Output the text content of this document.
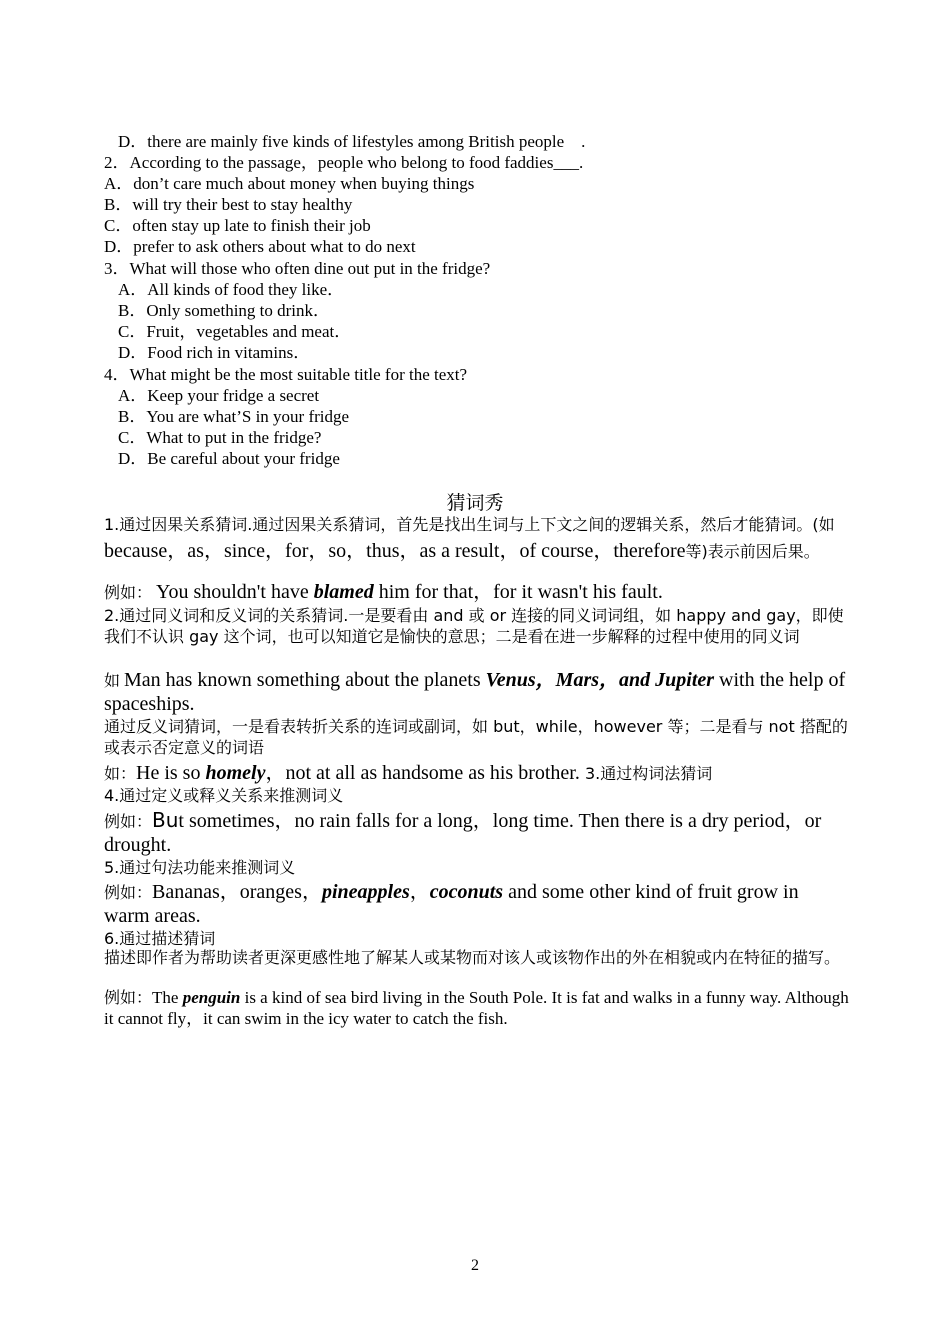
D．there are mainly five kinds of lifestyles among British people　.
2．According to the passage，people who belong to food faddies___.
A．don’t care much about money when buying things
B．will try their best to stay healthy
C．often stay up late to finish their job
D．prefer to ask others about what to do next
3．What will those who often dine out put in the fridge?
A．All kinds of food they like．
B．Only something to drink．
C．Fruit，vegetables and meat．
D．Food rich in vitamins．
4．What might be the most suitable title for the text?
A．Keep your fridge a secret
B．You are what’S in your fridge
C．What to put in the fridge?
D．Be careful about your fridge
猜词秀
1.通过因果关系猜词.通过因果关系猜词，首先是找出生词与上下文之间的逻辑关系，然后才能猜词。(如because，as，since，for，so，thus，as a result，of course，therefore等)表示前因后果。
例如： You shouldn't have blamed him for that，for it wasn't his fault.
2.通过同义词和反义词的关系猜词.一是要看由 and 或 or 连接的同义词词组，如 happy and gay，即使我们不认识 gay 这个词，也可以知道它是愉快的意思；二是看在进一步解释的过程中使用的同义词
如 Man has known something about the planets Venus，Mars，and Jupiter with the help of spaceships.
通过反义词猜词，一是看表转折关系的连词或副词，如 but，while，however 等；二是看与 not 搭配的或表示否定意义的词语
如：He is so homely，not at all as handsome as his brother. 3.通过构词法猜词
4.通过定义或释义关系来推测词义
例如：But sometimes，no rain falls for a long，long time. Then there is a dry period，or drought.
5.通过句法功能来推测词义
例如：Bananas，oranges，pineapples，coconuts and some other kind of fruit grow in warm areas.
6.通过描述猜词
描述即作者为帮助读者更深更感性地了解某人或某物而对该人或该物作出的外在相貌或内在特征的描写。
例如：The penguin is a kind of sea bird living in the South Pole. It is fat and walks in a funny way. Although it cannot fly，it can swim in the icy water to catch the fish.
2
